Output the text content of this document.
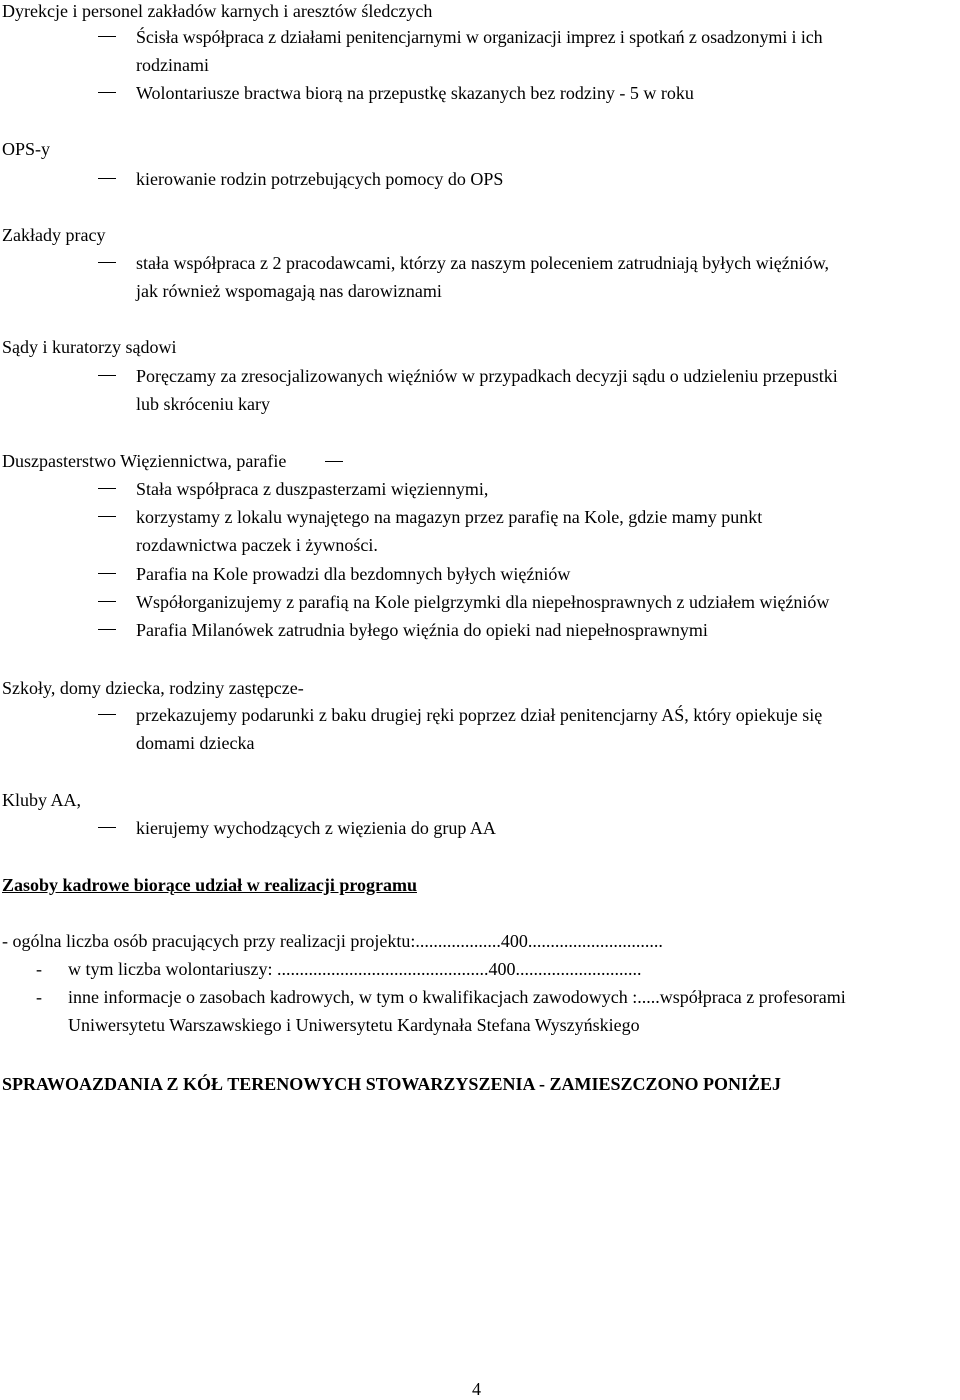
Dyrekcje i personel zakładów karnych i aresztów śledczych
Ścisła współpraca z działami penitencjarnymi w organizacji imprez i spotkań z osadzonymi i ich
rodzinami
Wolontariusze bractwa biorą na przepustkę skazanych bez rodziny - 5 w roku
OPS-y
kierowanie rodzin potrzebujących pomocy do OPS
Zakłady pracy
stała współpraca z 2 pracodawcami, którzy za naszym poleceniem zatrudniają byłych więźniów,
jak również wspomagają nas darowiznami
Sądy i kuratorzy sądowi
Poręczamy za zresocjalizowanych więźniów w przypadkach decyzji sądu o udzieleniu przepustki
lub skróceniu kary
Duszpasterstwo Więziennictwa, parafie
Stała współpraca z duszpasterzami więziennymi,
korzystamy z lokalu wynajętego na magazyn przez parafię na Kole, gdzie mamy punkt
rozdawnictwa paczek i żywności.
Parafia na Kole prowadzi dla bezdomnych byłych więźniów
Współorganizujemy z parafią na Kole pielgrzymki dla niepełnosprawnych z udziałem więźniów
Parafia Milanówek zatrudnia byłego więźnia do opieki nad niepełnosprawnymi
Szkoły, domy dziecka, rodziny zastępcze-
przekazujemy podarunki z baku drugiej ręki poprzez dział penitencjarny AŚ, który opiekuje się
domami dziecka
Kluby AA,
kierujemy wychodzących z więzienia do grup AA
Zasoby kadrowe biorące udział w realizacji programu
- ogólna liczba osób pracujących przy realizacji projektu:...................400..............................
- w tym liczba wolontariuszy: ...............................................400............................
- inne informacje o zasobach kadrowych, w tym o kwalifikacjach zawodowych :.....współpraca z profesorami
Uniwersytetu Warszawskiego i Uniwersytetu Kardynała Stefana Wyszyńskiego
SPRAWOAZDANIA Z KÓŁ TERENOWYCH STOWARZYSZENIA - ZAMIESZCZONO PONIŻEJ
4
